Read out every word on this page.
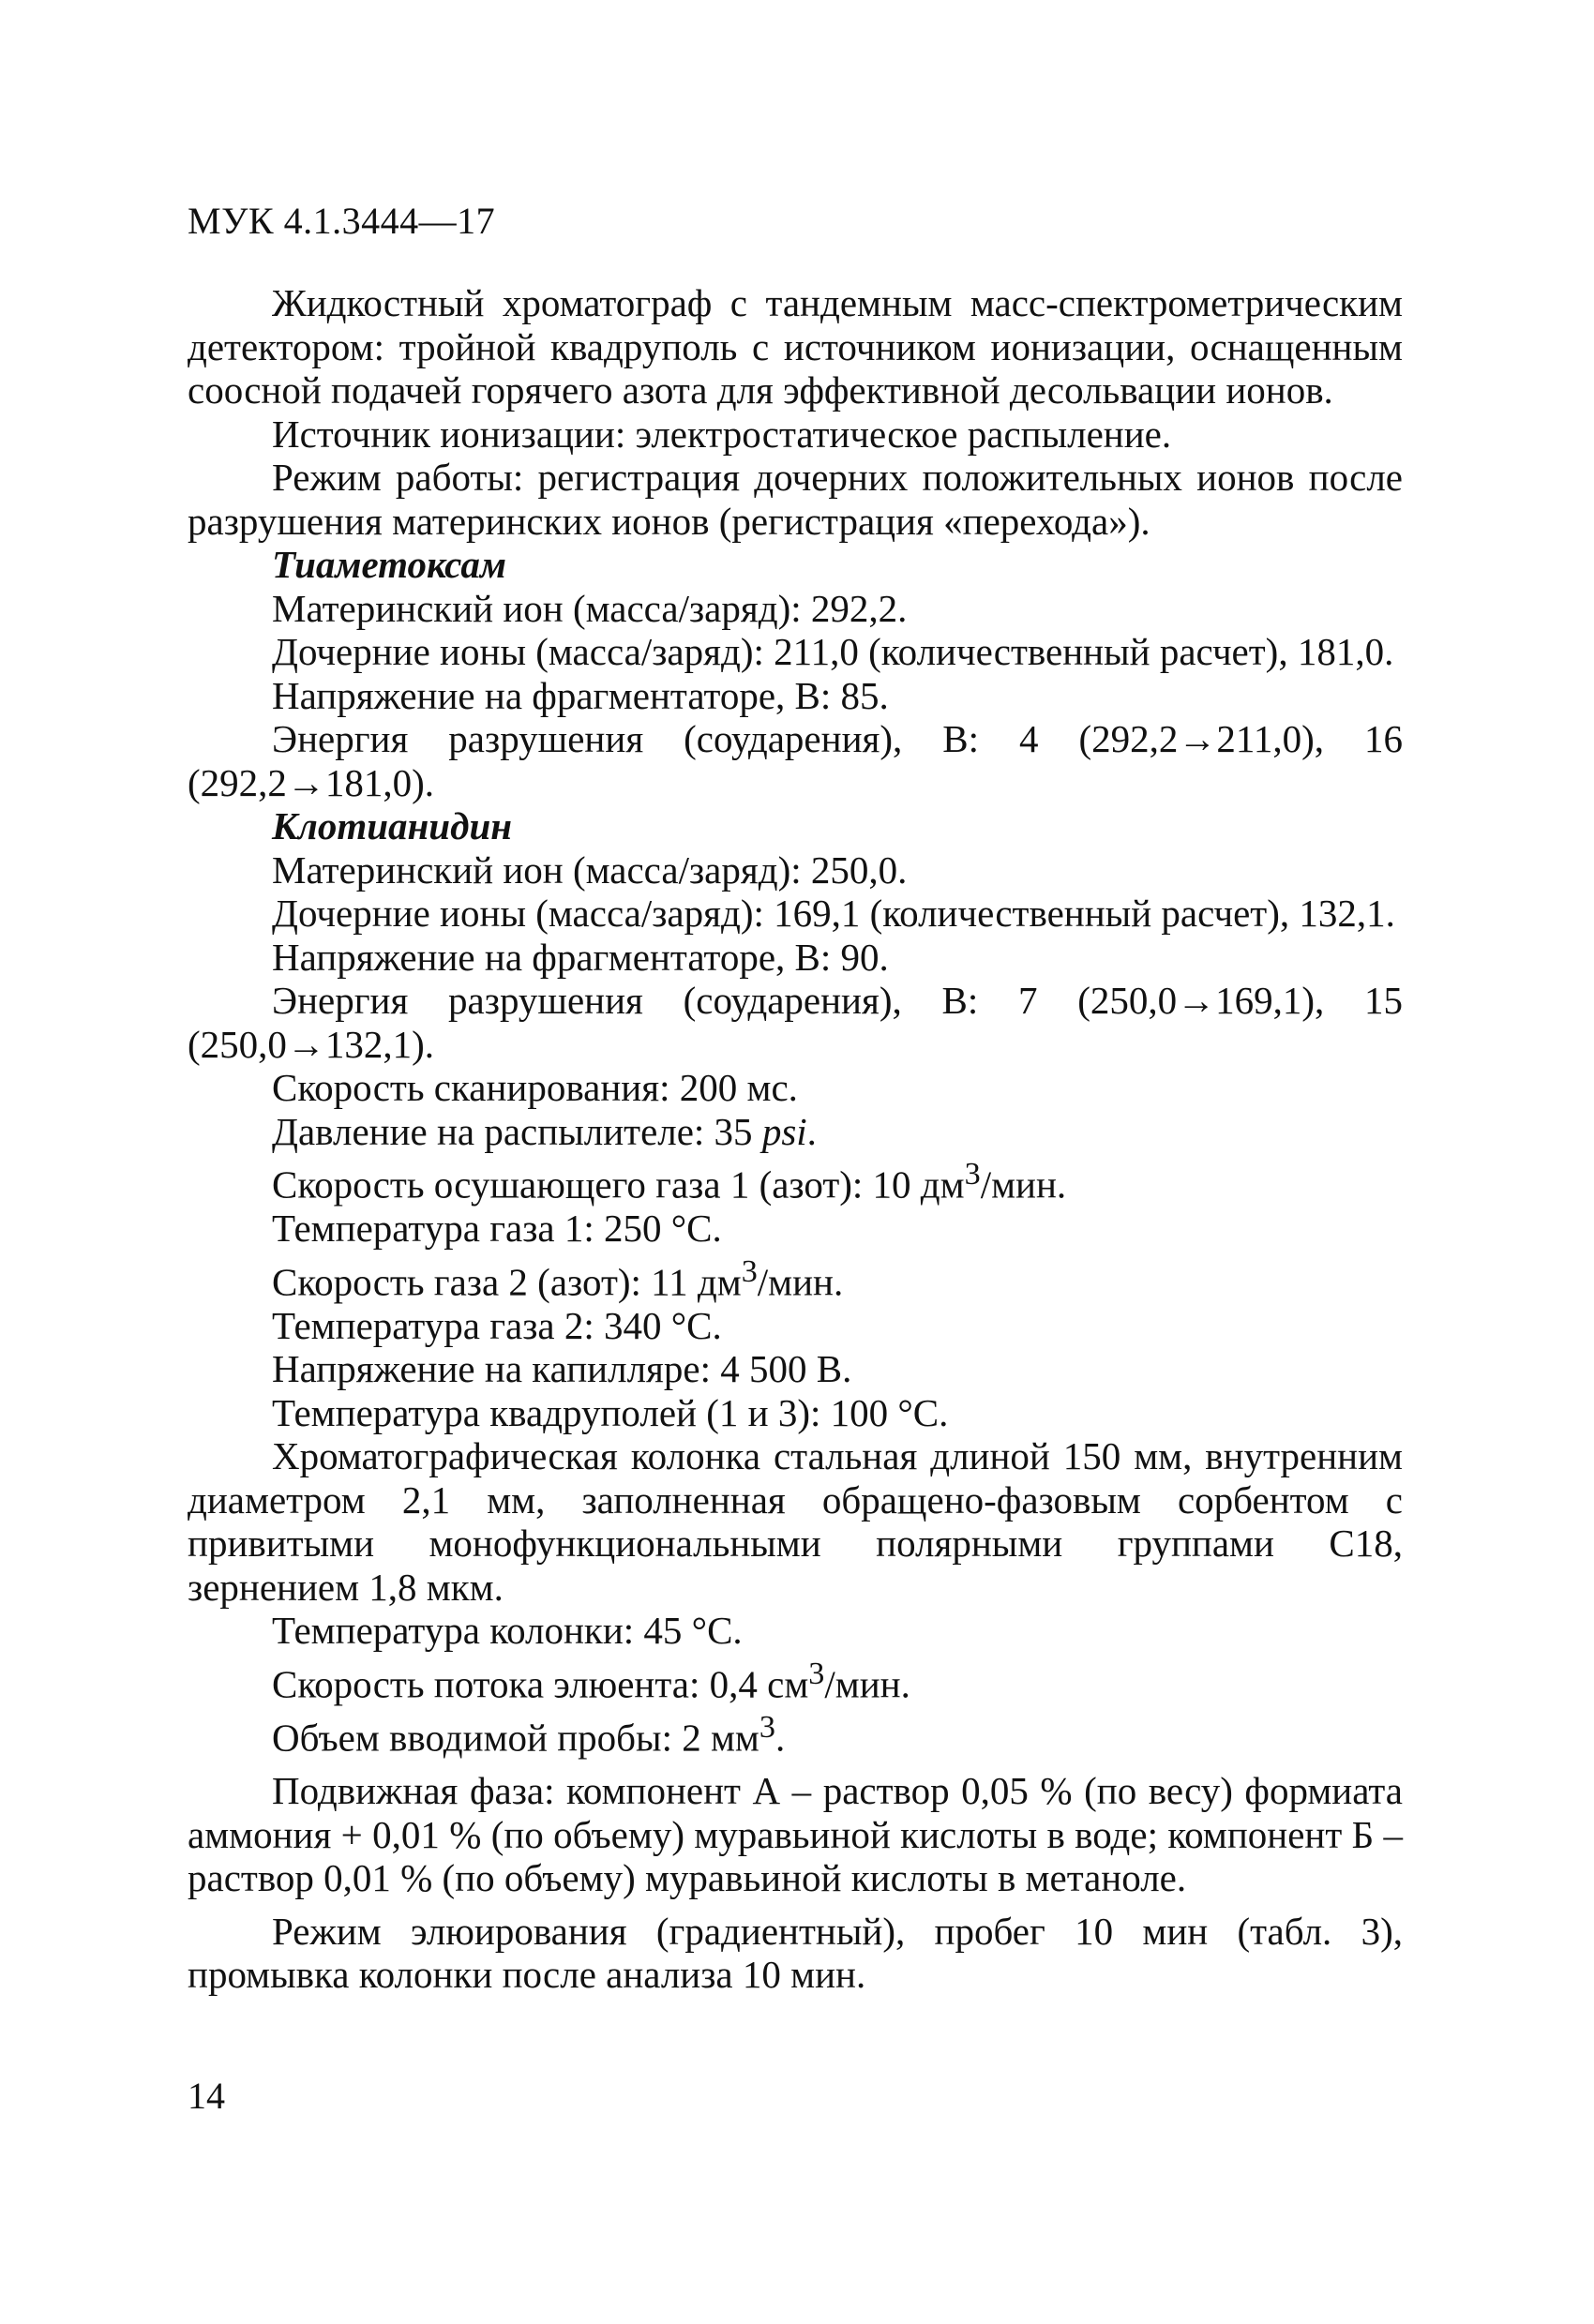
МУК 4.1.3444—17

Жидкостный хроматограф с тандемным масс-спектрометрическим детектором: тройной квадруполь с источником ионизации, оснащенным соосной подачей горячего азота для эффективной десольвации ионов.

Источник ионизации: электростатическое распыление.

Режим работы: регистрация дочерних положительных ионов после разрушения материнских ионов (регистрация «перехода»).

Тиаметоксам

Материнский ион (масса/заряд): 292,2.

Дочерние ионы (масса/заряд): 211,0 (количественный расчет), 181,0.

Напряжение на фрагментаторе, В: 85.

Энергия разрушения (соударения), В: 4 (292,2→211,0), 16 (292,2→181,0).

Клотианидин

Материнский ион (масса/заряд): 250,0.

Дочерние ионы (масса/заряд): 169,1 (количественный расчет), 132,1.

Напряжение на фрагментаторе, В: 90.

Энергия разрушения (соударения), В: 7 (250,0→169,1), 15 (250,0→132,1).

Скорость сканирования: 200 мс.

Давление на распылителе: 35 psi.

Скорость осушающего газа 1 (азот): 10 $дм^3$/мин.

Температура газа 1: 250 °С.

Скорость газа 2 (азот): 11 $дм^3$/мин.

Температура газа 2: 340 °С.

Напряжение на капилляре: 4 500 В.

Температура квадруполей (1 и 3): 100 °С.

Хроматографическая колонка стальная длиной 150 мм, внутренним диаметром 2,1 мм, заполненная обращено-фазовым сорбентом с привитыми монофункциональными полярными группами С18, зернением 1,8 мкм.

Температура колонки: 45 °С.

Скорость потока элюента: 0,4 $см^3$/мин.

Объем вводимой пробы: 2 $мм^3$.

Подвижная фаза: компонент А – раствор 0,05 % (по весу) формиата аммония + 0,01 % (по объему) муравьиной кислоты в воде; компонент Б – раствор 0,01 % (по объему) муравьиной кислоты в метаноле.

Режим элюирования (градиентный), пробег 10 мин (табл. 3), промывка колонки после анализа 10 мин.

14
